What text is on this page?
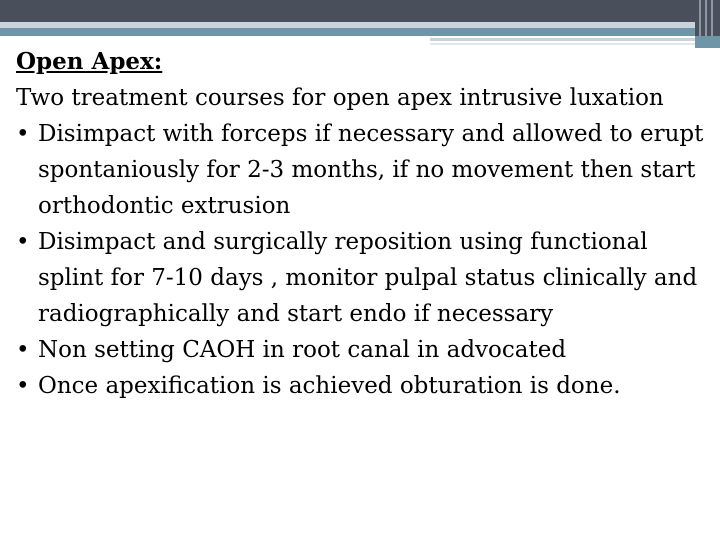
Open Apex:

Two treatment courses for open apex intrusive luxation

• Disimpact with forceps if necessary and allowed to erupt spontaniously for 2-3 months, if no movement then start orthodontic extrusion
• Disimpact and surgically reposition using functional splint for 7-10 days , monitor pulpal status clinically and radiographically and start endo if necessary
• Non setting CAOH in root canal in advocated
• Once apexification is achieved obturation is done.
